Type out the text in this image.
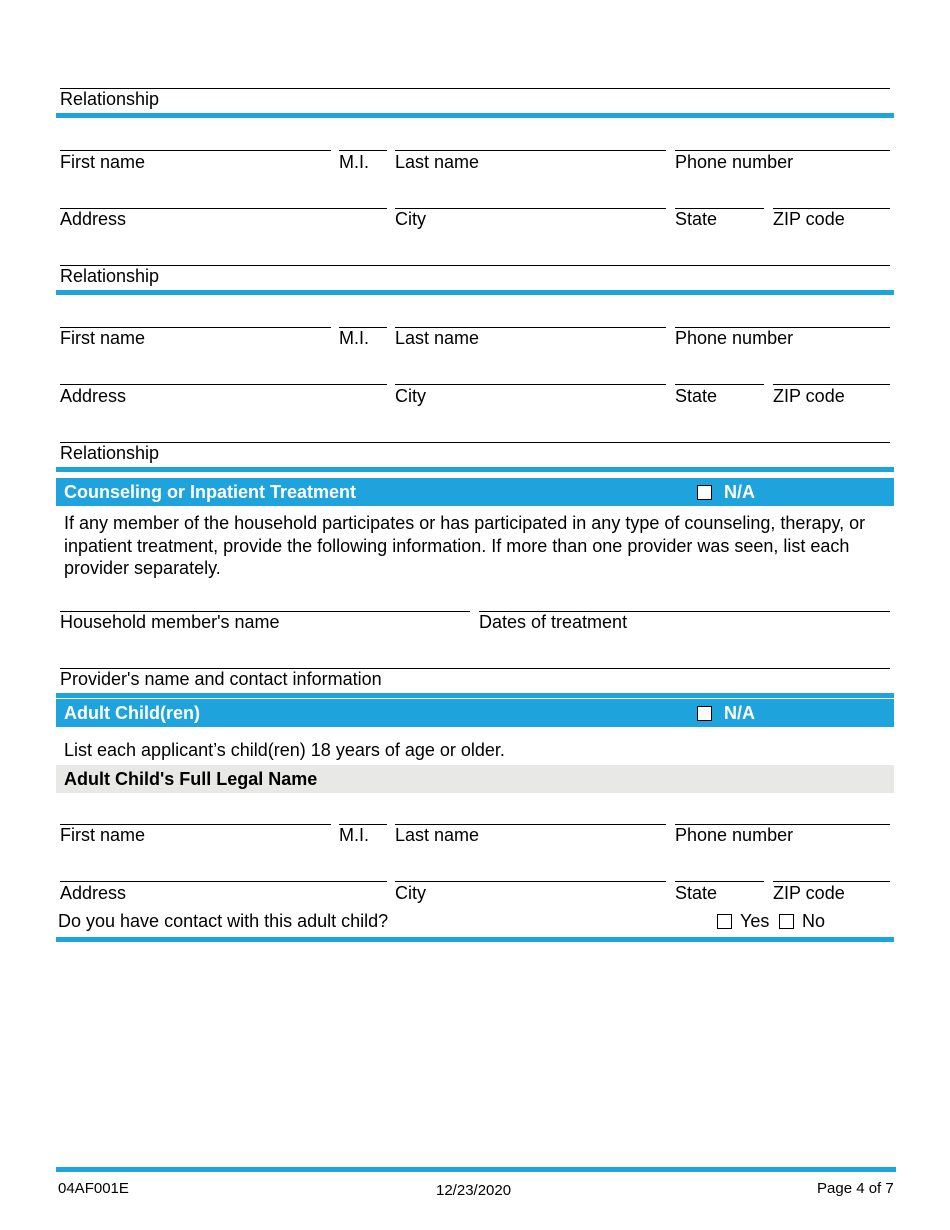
Relationship
First name	M.I. Last name	Phone number
Address	City	State	ZIP code
Relationship
First name	M.I. Last name	Phone number
Address	City	State	ZIP code
Relationship
Counseling or Inpatient Treatment	N/A
If any member of the household participates or has participated in any type of counseling, therapy, or inpatient treatment, provide the following information. If more than one provider was seen, list each provider separately.
Household member's name	Dates of treatment
Provider's name and contact information
Adult Child(ren)	N/A
List each applicant’s child(ren) 18 years of age or older.
Adult Child's Full Legal Name
First name	M.I. Last name	Phone number
Address	City	State	ZIP code
Do you have contact with this adult child?	Yes No
04AF001E	12/23/2020	Page 4 of 7
